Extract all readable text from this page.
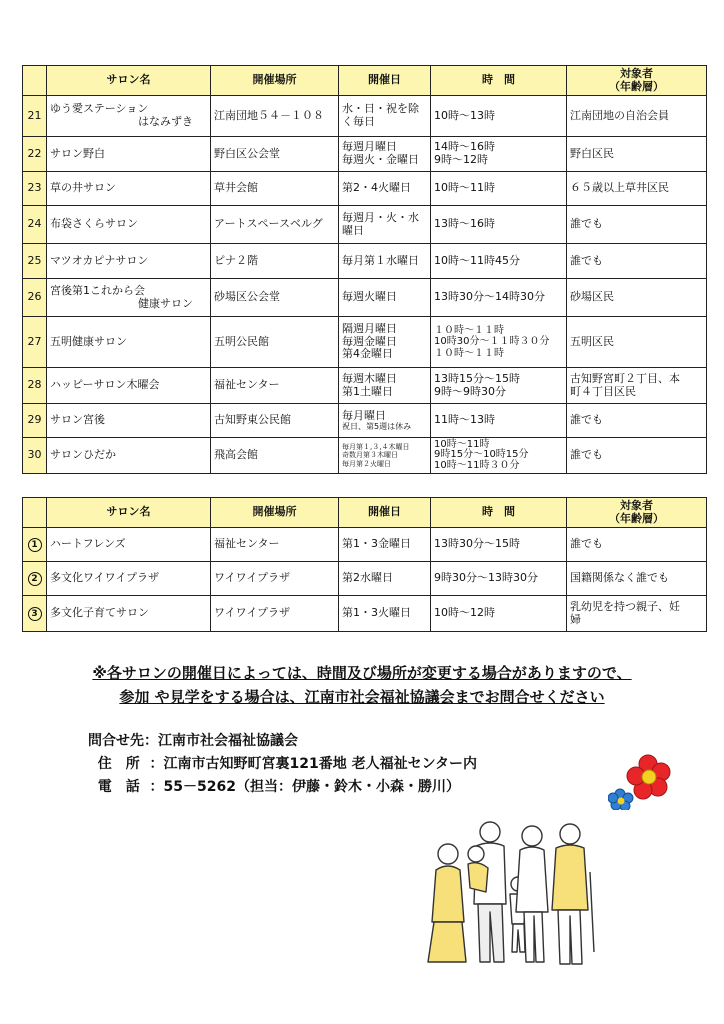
	サロン名	開催場所	開催日	時　間	対象者
（年齢層）

21	ゆう愛ステーション
はなみずき	江南団地５４－１０８	水・日・祝を除
く毎日	10時～13時	江南団地の自治会員
22	サロン野白	野白区公会堂	毎週月曜日
毎週火・金曜日	14時～16時
9時～12時	野白区民
23	草の井サロン	草井会館	第2・4火曜日	10時～11時	６５歳以上草井区民
24	布袋さくらサロン	アートスペースベルグ	毎週月・火・水
曜日	13時～16時	誰でも
25	マツオカピナサロン	ピナ２階	毎月第１水曜日	10時～11時45分	誰でも
26	宮後第1これから会
健康サロン	砂場区公会堂	毎週火曜日	13時30分～14時30分	砂場区民
27	五明健康サロン	五明公民館	隔週月曜日
毎週金曜日
第4金曜日	１０時～１１時
10時30分～１１時３０分
１０時～１１時	五明区民
28	ハッピーサロン木曜会	福祉センター	毎週木曜日
第1土曜日	13時15分～15時
9時～9時30分	古知野宮町２丁目、本
町４丁目区民

29	サロン宮後	古知野東公民館	毎月曜日
祝日、第5週は休み	11時～13時	誰でも
30	サロンひだか	飛高会館	毎月第１,３,４木曜日
奇数月第３木曜日
毎月第２火曜日	10時～11時
9時15分～10時15分
10時～11時３０分	誰でも
	サロン名	開催場所	開催日	時　間	対象者
（年齢層）

1	ハートフレンズ	福祉センター	第1・3金曜日	13時30分～15時	誰でも
2	多文化ワイワイプラザ	ワイワイプラザ	第2水曜日	9時30分～13時30分	国籍関係なく誰でも
3	多文化子育てサロン	ワイワイプラザ	第1・3火曜日	10時～12時	乳幼児を持つ親子、妊
婦
※各サロンの開催日によっては、時間及び場所が変更する場合がありますので、
参加 や見学をする場合は、江南市社会福祉協議会までお問合せください
問合せ先：江南市社会福祉協議会
住　所  ：江南市古知野町宮裏121番地 老人福祉センター内
電　話  ：55－5262（担当：伊藤・鈴木・小森・勝川）
